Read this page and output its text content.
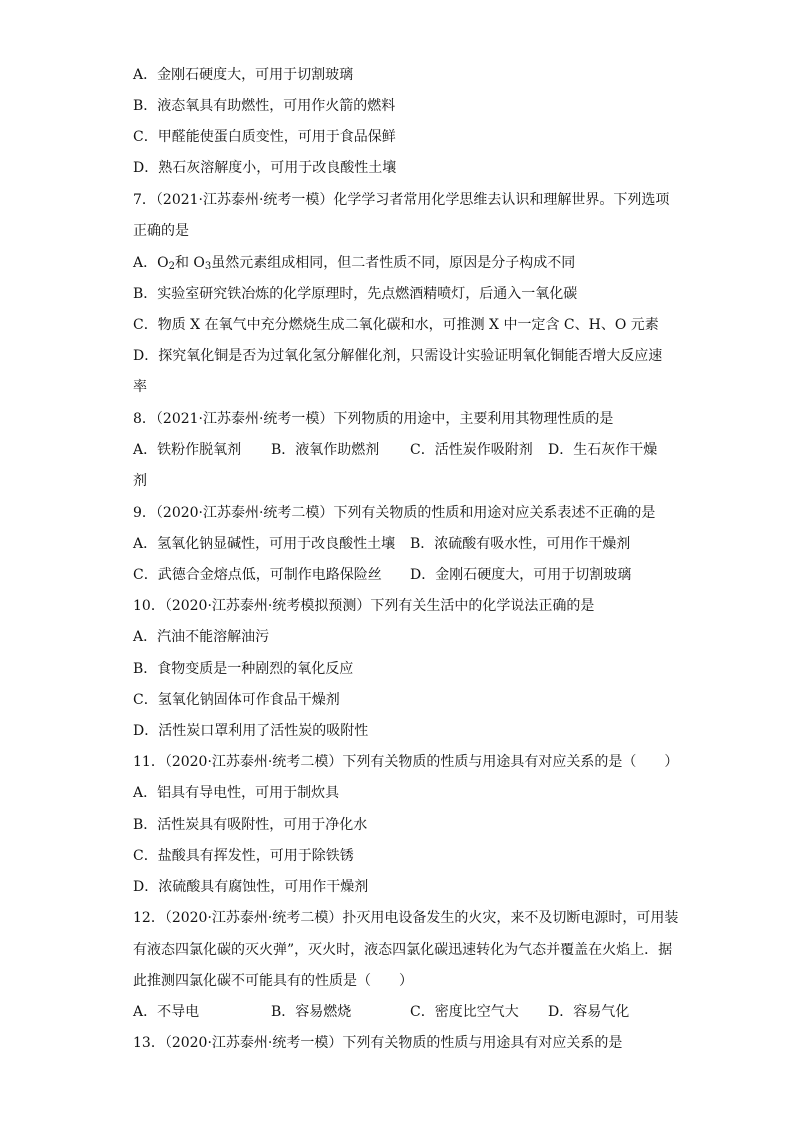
A．金刚石硬度大，可用于切割玻璃
B．液态氧具有助燃性，可用作火箭的燃料
C．甲醛能使蛋白质变性，可用于食品保鲜
D．熟石灰溶解度小，可用于改良酸性土壤
7．（2021·江苏泰州·统考一模）化学学习者常用化学思维去认识和理解世界。下列选项
正确的是
A．$O_2$和 $O_3$虽然元素组成相同，但二者性质不同，原因是分子构成不同
B．实验室研究铁冶炼的化学原理时，先点燃酒精喷灯，后通入一氧化碳
C．物质 X 在氧气中充分燃烧生成二氧化碳和水，可推测 X 中一定含 C、H、O 元素
D．探究氧化铜是否为过氧化氢分解催化剂，只需设计实验证明氧化铜能否增大反应速
率
8．（2021·江苏泰州·统考一模）下列物质的用途中，主要利用其物理性质的是
A．铁粉作脱氧剂 B．液氧作助燃剂 C．活性炭作吸附剂 D．生石灰作干燥
剂
9．（2020·江苏泰州·统考二模）下列有关物质的性质和用途对应关系表述不正确的是
A．氢氧化钠显碱性，可用于改良酸性土壤 B．浓硫酸有吸水性，可用作干燥剂
C．武德合金熔点低，可制作电路保险丝 D．金刚石硬度大，可用于切割玻璃
10．（2020·江苏泰州·统考模拟预测）下列有关生活中的化学说法正确的是
A．汽油不能溶解油污
B．食物变质是一种剧烈的氧化反应
C．氢氧化钠固体可作食品干燥剂
D．活性炭口罩利用了活性炭的吸附性
11．（2020·江苏泰州·统考二模）下列有关物质的性质与用途具有对应关系的是（　　）
A．铝具有导电性，可用于制炊具
B．活性炭具有吸附性，可用于净化水
C．盐酸具有挥发性，可用于除铁锈
D．浓硫酸具有腐蚀性，可用作干燥剂
12．（2020·江苏泰州·统考二模）扑灭用电设备发生的火灾，来不及切断电源时，可用装
有液态四氯化碳的灭火弹”，灭火时，液态四氯化碳迅速转化为气态并覆盖在火焰上．据
此推测四氯化碳不可能具有的性质是（　　）
A．不导电	B．容易燃烧	C．密度比空气大 D．容易气化
13．（2020·江苏泰州·统考一模）下列有关物质的性质与用途具有对应关系的是
